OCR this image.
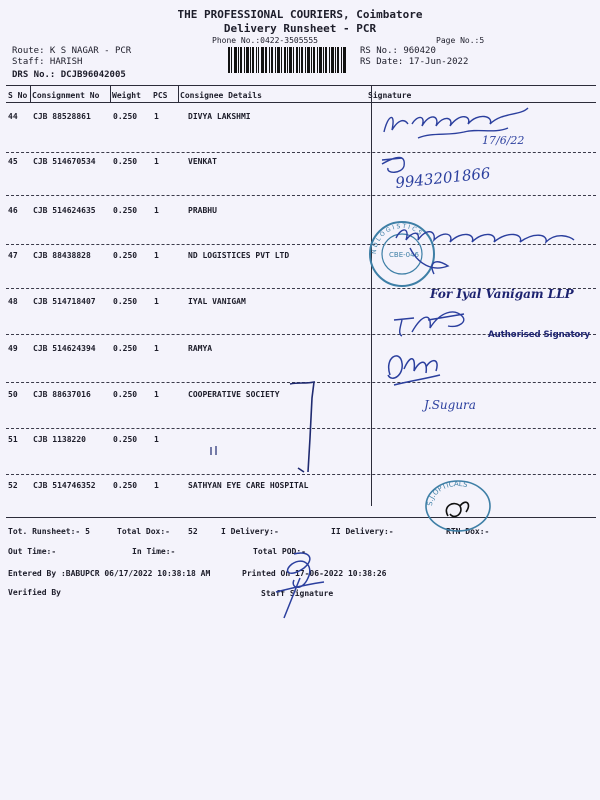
THE PROFESSIONAL COURIERS, Coimbatore
Delivery Runsheet - PCR
Phone No.:0422-3505555	Page No.:5
Route: K S NAGAR - PCR
Staff: HARISH
DRS No.: DCJB96042005
RS No.: 960420
RS Date: 17-Jun-2022
S No Consignment No Weight PCS Consignee Details	Signature
44 CJB 88528861	0.250 1	DIVYA LAKSHMI
45 CJB 514670534 0.250 1	VENKAT
46 CJB 514624635 0.250 1	PRABHU
47 CJB 88438828	0.250 1	ND LOGISTICES PVT LTD
48 CJB 514718407 0.250 1	IYAL VANIGAM
49 CJB 514624394 0.250 1	RAMYA
50 CJB 88637016	0.250 1	COOPERATIVE SOCIETY
51 CJB 1138220	0.250 1
52 CJB 514746352 0.250 1	SATHYAN EYE CARE HOSPITAL
Tot. Runsheet:- 5	Total Dox:- 52	I Delivery:-	II Delivery:-	RTN Dox:-
Out Time:-	In Time:-	Total POD:-
Entered By :BABUPCR 06/17/2022 10:38:18 AM	Printed On 17-06-2022 10:38:26
Verified By	Staff Signature
17/6/22
9943201866
N D L O G I S T I C S
CBE-046
For Iyal Vanigam LLP
Authorised Signatory
J.Sugura
S.J.OPTICALS
